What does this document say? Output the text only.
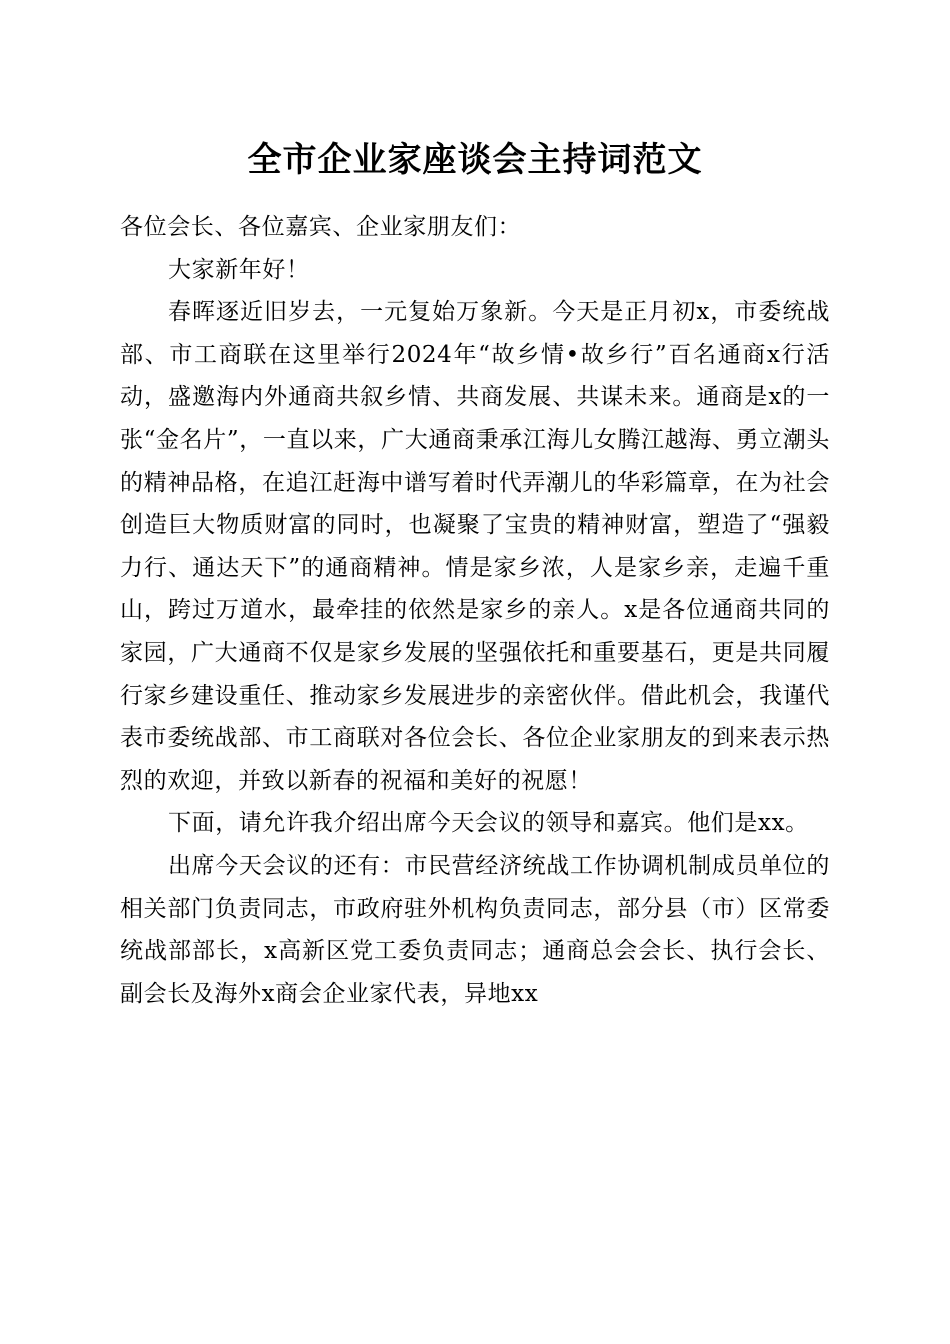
全市企业家座谈会主持词范文

各位会长、各位嘉宾、企业家朋友们：

大家新年好！

春晖逐近旧岁去，一元复始万象新。今天是正月初x，市委统战部、市工商联在这里举行2024年“故乡情•故乡行”百名通商x行活动，盛邀海内外通商共叙乡情、共商发展、共谋未来。通商是x的一张“金名片”，一直以来，广大通商秉承江海儿女腾江越海、勇立潮头的精神品格，在追江赶海中谱写着时代弄潮儿的华彩篇章，在为社会创造巨大物质财富的同时，也凝聚了宝贵的精神财富，塑造了“强毅力行、通达天下”的通商精神。情是家乡浓，人是家乡亲，走遍千重山，跨过万道水，最牵挂的依然是家乡的亲人。x是各位通商共同的家园，广大通商不仅是家乡发展的坚强依托和重要基石，更是共同履行家乡建设重任、推动家乡发展进步的亲密伙伴。借此机会，我谨代表市委统战部、市工商联对各位会长、各位企业家朋友的到来表示热烈的欢迎，并致以新春的祝福和美好的祝愿！

下面，请允许我介绍出席今天会议的领导和嘉宾。他们是xx。

出席今天会议的还有：市民营经济统战工作协调机制成员单位的相关部门负责同志，市政府驻外机构负责同志，部分县（市）区常委统战部部长，x高新区党工委负责同志；通商总会会长、执行会长、副会长及海外x商会企业家代表，异地xx
